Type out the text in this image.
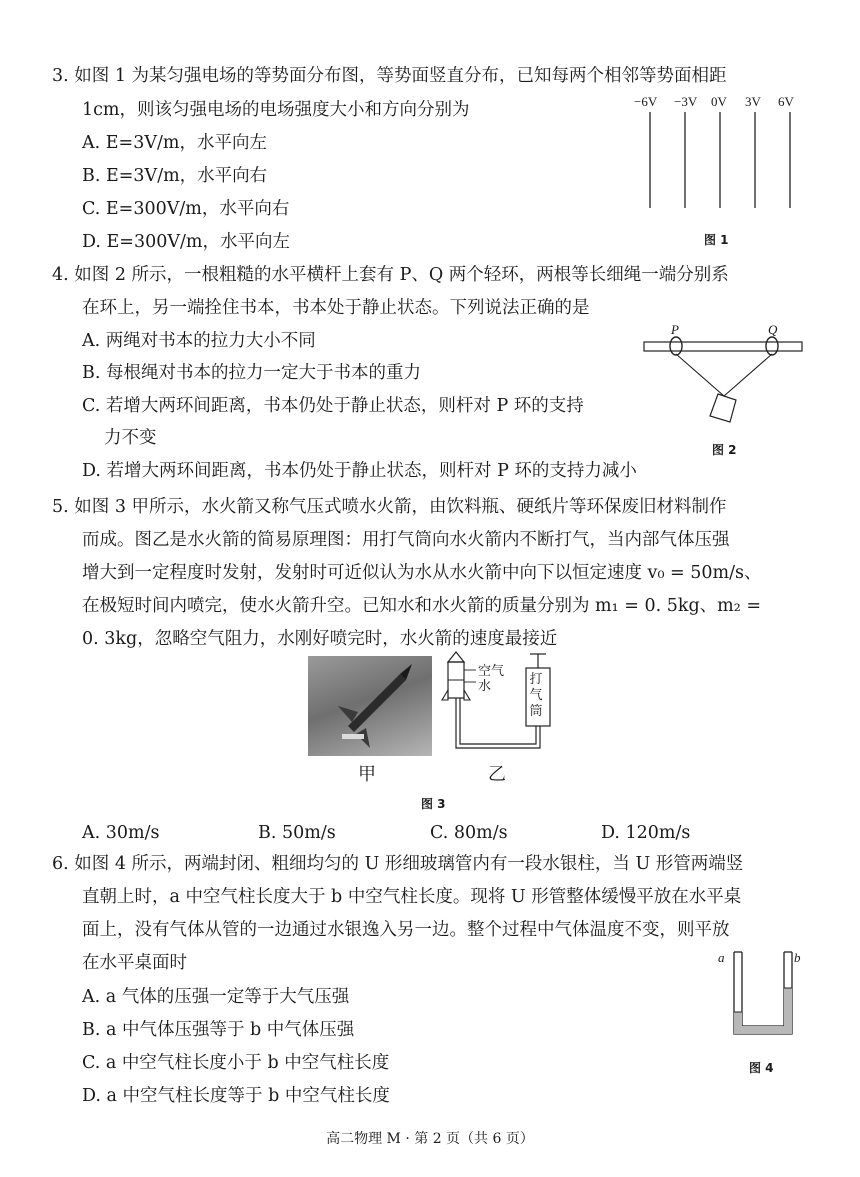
3. 如图 1 为某匀强电场的等势面分布图，等势面竖直分布，已知每两个相邻等势面相距
1cm，则该匀强电场的电场强度大小和方向分别为
A. E=3V/m，水平向左
B. E=3V/m，水平向右
C. E=300V/m，水平向右
D. E=300V/m，水平向左
−6V −3V 0V 3V 6V
图 1
4. 如图 2 所示，一根粗糙的水平横杆上套有 P、Q 两个轻环，两根等长细绳一端分别系
在环上，另一端拴住书本，书本处于静止状态。下列说法正确的是
A. 两绳对书本的拉力大小不同
B. 每根绳对书本的拉力一定大于书本的重力
C. 若增大两环间距离，书本仍处于静止状态，则杆对 P 环的支持
力不变
D. 若增大两环间距离，书本仍处于静止状态，则杆对 P 环的支持力减小
P	Q
图 2
5. 如图 3 甲所示，水火箭又称气压式喷水火箭，由饮料瓶、硬纸片等环保废旧材料制作
而成。图乙是水火箭的简易原理图：用打气筒向水火箭内不断打气，当内部气体压强
增大到一定程度时发射，发射时可近似认为水从水火箭中向下以恒定速度 v₀ = 50m/s、
在极短时间内喷完，使水火箭升空。已知水和水火箭的质量分别为 m₁ = 0. 5kg、m₂ =
0. 3kg，忽略空气阻力，水刚好喷完时，水火箭的速度最接近
空气
水	打
气
筒
甲	乙
图 3
A. 30m/s	B. 50m/s	C. 80m/s	D. 120m/s
6. 如图 4 所示，两端封闭、粗细均匀的 U 形细玻璃管内有一段水银柱，当 U 形管两端竖
直朝上时，a 中空气柱长度大于 b 中空气柱长度。现将 U 形管整体缓慢平放在水平桌
面上，没有气体从管的一边通过水银逸入另一边。整个过程中气体温度不变，则平放
在水平桌面时
A. a 气体的压强一定等于大气压强
B. a 中气体压强等于 b 中气体压强
C. a 中空气柱长度小于 b 中空气柱长度
D. a 中空气柱长度等于 b 中空气柱长度
a	b
图 4
高二物理 M · 第 2 页（共 6 页）
